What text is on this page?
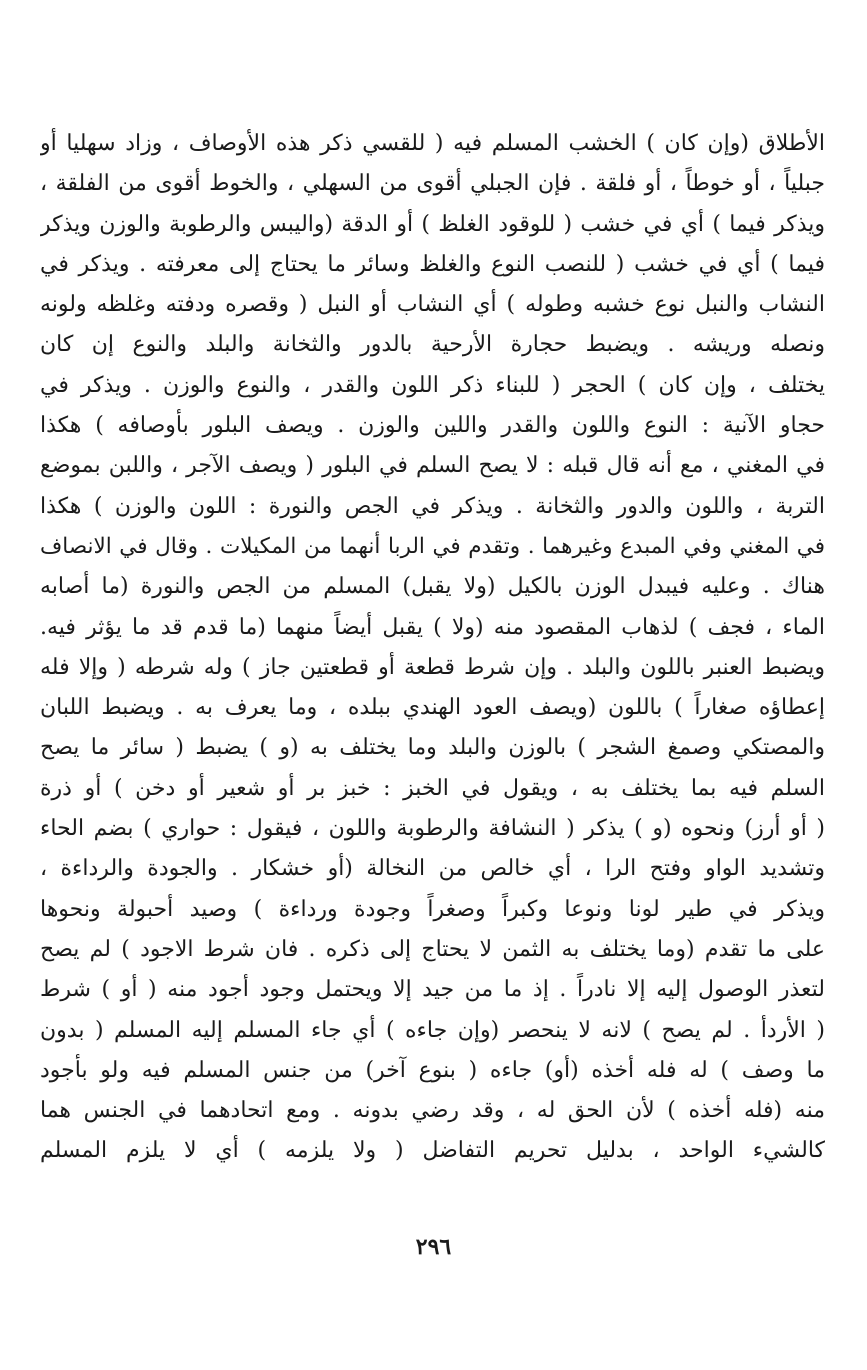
الأطلاق (وإن كان ) الخشب المسلم فيه ( للقسي ذكر هذه الأوصاف ، وزاد سهليا أو
جبلياً ، أو خوطاً ، أو فلقة . فإن الجبلي أقوى من السهلي ، والخوط أقوى من الفلقة ،
ويذكر فيما ) أي في خشب ( للوقود الغلظ ) أو الدقة (واليبس والرطوبة والوزن ويذكر
فيما ) أي في خشب ( للنصب النوع والغلظ وسائر ما يحتاج إلى معرفته . ويذكر في
النشاب والنبل نوع خشبه وطوله ) أي النشاب أو النبل ( وقصره ودفته وغلظه ولونه
ونصله وريشه . ويضبط حجارة الأرحية بالدور والثخانة والبلد والنوع إن كان
يختلف ، وإن كان ) الحجر ( للبناء ذكر اللون والقدر ، والنوع والوزن . ويذكر في
حجاو الآنية : النوع واللون والقدر واللين والوزن . ويصف البلور بأوصافه ) هكذا
في المغني ، مع أنه قال قبله : لا يصح السلم في البلور ( ويصف الآجر ، واللبن بموضع
التربة ، واللون والدور والثخانة . ويذكر في الجص والنورة : اللون والوزن ) هكذا
في المغني وفي المبدع وغيرهما . وتقدم في الربا أنهما من المكيلات . وقال في الانصاف
هناك . وعليه فيبدل الوزن بالكيل (ولا يقبل) المسلم من الجص والنورة (ما أصابه
الماء ، فجف ) لذهاب المقصود منه (ولا ) يقبل أيضاً منهما (ما قدم قد ما يؤثر فيه.
ويضبط العنبر باللون والبلد . وإن شرط قطعة أو قطعتين جاز ) وله شرطه ( وإلا فله
إعطاؤه صغاراً ) باللون (ويصف العود الهندي ببلده ، وما يعرف به . ويضبط اللبان
والمصتكي وصمغ الشجر ) بالوزن والبلد وما يختلف به (و ) يضبط ( سائر ما يصح
السلم فيه بما يختلف به ، ويقول في الخبز : خبز بر أو شعير أو دخن ) أو ذرة
( أو أرز) ونحوه (و ) يذكر ( النشافة والرطوبة واللون ، فيقول : حواري ) بضم الحاء
وتشديد الواو وفتح الرا ، أي خالص من النخالة (أو خشكار . والجودة والرداءة ،
ويذكر في طير لونا ونوعا وكبراً وصغراً وجودة ورداءة ) وصيد أحبولة ونحوها
على ما تقدم (وما يختلف به الثمن لا يحتاج إلى ذكره . فان شرط الاجود ) لم يصح
لتعذر الوصول إليه إلا نادراً . إذ ما من جيد إلا ويحتمل وجود أجود منه ( أو ) شرط
( الأردأ . لم يصح ) لانه لا ينحصر (وإن جاءه ) أي جاء المسلم إليه المسلم ( بدون
ما وصف ) له فله أخذه (أو) جاءه ( بنوع آخر) من جنس المسلم فيه ولو بأجود
منه (فله أخذه ) لأن الحق له ، وقد رضي بدونه . ومع اتحادهما في الجنس هما
كالشيء الواحد ، بدليل تحريم التفاضل ( ولا يلزمه ) أي لا يلزم المسلم
٢٩٦
